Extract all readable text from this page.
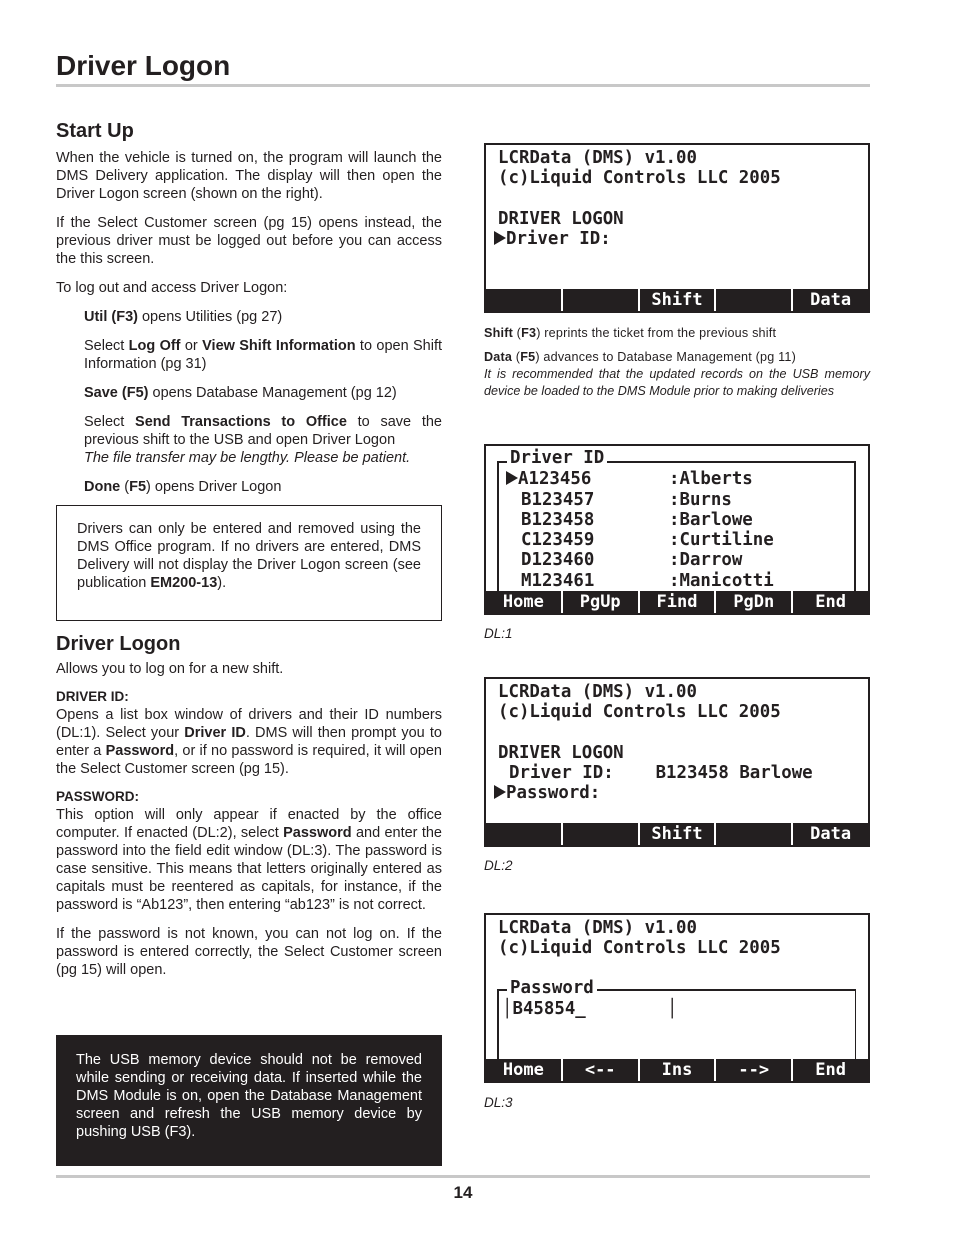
Driver Logon
Start Up

When the vehicle is turned on, the program will launch the DMS Delivery application. The display will then open the Driver Logon screen (shown on the right).

If the Select Customer screen (pg 15) opens instead, the previous driver must be logged out before you can access the this screen.

To log out and access Driver Logon:

Util (F3) opens Utilities (pg 27)

Select Log Off or View Shift Information to open Shift Information (pg 31)

Save (F5) opens Database Management (pg 12)

Select Send Transactions to Office to save the previous shift to the USB and open Driver Logon
The file transfer may be lengthy. Please be patient.

Done (F5) opens Driver Logon

Drivers can only be entered and removed using the DMS Office program. If no drivers are entered, DMS Delivery will not display the Driver Logon screen (see publication EM200-13).

Driver Logon

Allows you to log on for a new shift.

DRIVER ID:

Opens a list box window of drivers and their ID numbers (DL:1). Select your Driver ID. DMS will then prompt you to enter a Password, or if no password is required, it will open the Select Customer screen (pg 15).

PASSWORD:

This option will only appear if enacted by the office computer. If enacted (DL:2), select Password and enter the password into the field edit window (DL:3). The password is case sensitive. This means that letters originally entered as capitals must be reentered as capitals, for instance, if the password is “Ab123”, then entering “ab123” is not correct.

If the password is not known, you can not log on. If the password is entered correctly, the Select Customer screen (pg 15) will open.

The USB memory device should not be removed while sending or receiving data. If inserted while the DMS Module is on, open the Database Management screen and refresh the USB memory device by pushing USB (F3).

LCRData (DMS) v1.00
(c)Liquid Controls LLC 2005
DRIVER LOGON
Driver ID:
Shift	Data
Shift (F3) reprints the ticket from the previous shift
Data (F5) advances to Database Management (pg 11)
It is recommended that the updated records on the USB memory device be loaded to the DMS Module prior to making deliveries
Driver ID
A123456	:Alberts
B123457	:Burns
B123458	:Barlowe
C123459	:Curtiline
D123460	:Darrow
M123461	:Manicotti
Home	PgUp	Find	PgDn	End
DL:1
LCRData (DMS) v1.00
(c)Liquid Controls LLC 2005
DRIVER LOGON
Driver ID:    B123458 Barlowe
Password:
Shift	Data
DL:2
LCRData (DMS) v1.00
(c)Liquid Controls LLC 2005
Password
│B45854_	│
Home	<--	Ins	-->	End
DL:3
14
